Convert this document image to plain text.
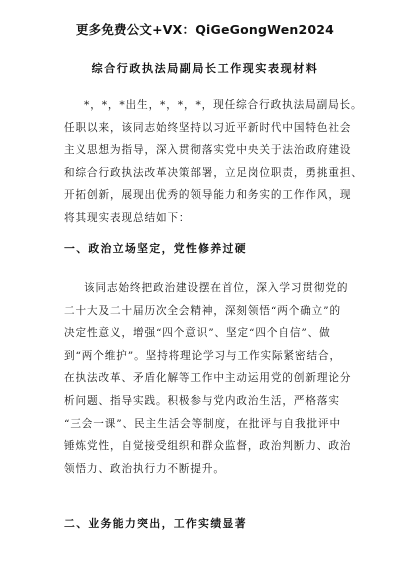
更多免费公文+VX：QiGeGongWen2024
综合行政执法局副局长工作现实表现材料
*，*，*出生，*，*，*，现任综合行政执法局副局长。
任职以来，该同志始终坚持以习近平新时代中国特色社会
主义思想为指导，深入贯彻落实党中央关于法治政府建设
和综合行政执法改革决策部署，立足岗位职责，勇挑重担、
开拓创新，展现出优秀的领导能力和务实的工作作风，现
将其现实表现总结如下：
一、政治立场坚定，党性修养过硬
该同志始终把政治建设摆在首位，深入学习贯彻党的
二十大及二十届历次全会精神，深刻领悟“两个确立”的
决定性意义，增强“四个意识”、坚定“四个自信”、做
到“两个维护”。坚持将理论学习与工作实际紧密结合，
在执法改革、矛盾化解等工作中主动运用党的创新理论分
析问题、指导实践。积极参与党内政治生活，严格落实
“三会一课”、民主生活会等制度，在批评与自我批评中
锤炼党性，自觉接受组织和群众监督，政治判断力、政治
领悟力、政治执行力不断提升。
二、业务能力突出，工作实绩显著
